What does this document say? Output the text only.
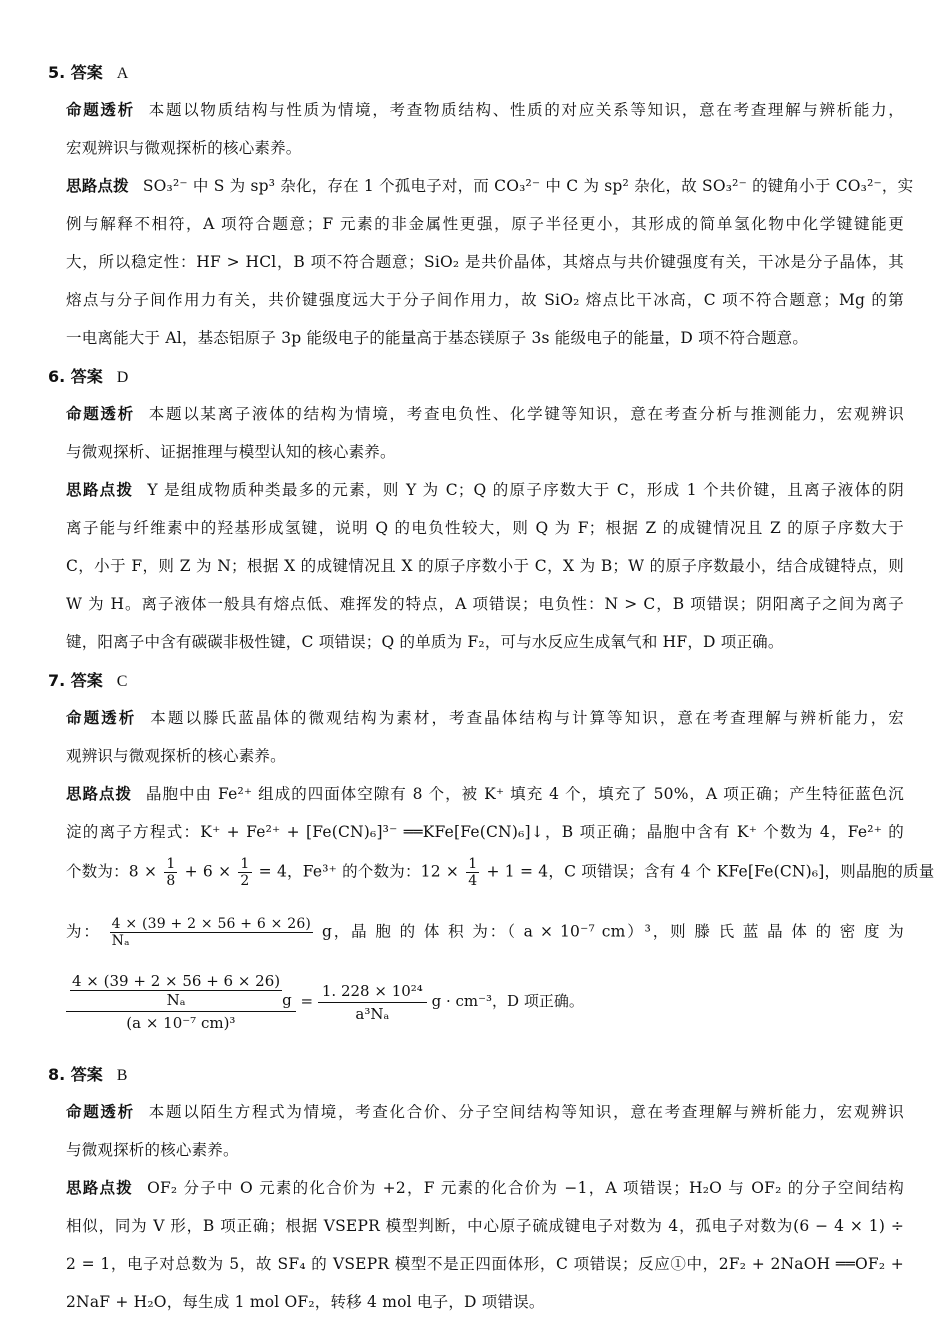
5. 答案 A
命题透析 本题以物质结构与性质为情境，考查物质结构、性质的对应关系等知识，意在考查理解与辨析能力，
宏观辨识与微观探析的核心素养。
思路点拨 SO₃²⁻ 中 S 为 sp³ 杂化，存在 1 个孤电子对，而 CO₃²⁻ 中 C 为 sp² 杂化，故 SO₃²⁻ 的键角小于 CO₃²⁻，实
例与解释不相符，A 项符合题意；F 元素的非金属性更强，原子半径更小，其形成的简单氢化物中化学键键能更
大，所以稳定性：HF > HCl，B 项不符合题意；SiO₂ 是共价晶体，其熔点与共价键强度有关，干冰是分子晶体，其
熔点与分子间作用力有关，共价键强度远大于分子间作用力，故 SiO₂ 熔点比干冰高，C 项不符合题意；Mg 的第
一电离能大于 Al，基态铝原子 3p 能级电子的能量高于基态镁原子 3s 能级电子的能量，D 项不符合题意。
6. 答案 D
命题透析 本题以某离子液体的结构为情境，考查电负性、化学键等知识，意在考查分析与推测能力，宏观辨识
与微观探析、证据推理与模型认知的核心素养。
思路点拨 Y 是组成物质种类最多的元素，则 Y 为 C；Q 的原子序数大于 C，形成 1 个共价键，且离子液体的阴
离子能与纤维素中的羟基形成氢键，说明 Q 的电负性较大，则 Q 为 F；根据 Z 的成键情况且 Z 的原子序数大于
C，小于 F，则 Z 为 N；根据 X 的成键情况且 X 的原子序数小于 C，X 为 B；W 的原子序数最小，结合成键特点，则
W 为 H。离子液体一般具有熔点低、难挥发的特点，A 项错误；电负性：N > C，B 项错误；阴阳离子之间为离子
键，阳离子中含有碳碳非极性键，C 项错误；Q 的单质为 F₂，可与水反应生成氧气和 HF，D 项正确。
7. 答案 C
命题透析 本题以滕氏蓝晶体的微观结构为素材，考查晶体结构与计算等知识，意在考查理解与辨析能力，宏
观辨识与微观探析的核心素养。
思路点拨 晶胞中由 Fe²⁺ 组成的四面体空隙有 8 个，被 K⁺ 填充 4 个，填充了 50%，A 项正确；产生特征蓝色沉
淀的离子方程式：K⁺ + Fe²⁺ + [Fe(CN)₆]³⁻ ══KFe[Fe(CN)₆]↓，B 项正确；晶胞中含有 K⁺ 个数为 4，Fe²⁺ 的
个数为：$8 \times \frac{1}{8} + 6 \times \frac{1}{2} = 4$，Fe³⁺ 的个数为：$12 \times \frac{1}{4} + 1 = 4$，C 项错误；含有 4 个 KFe[Fe(CN)₆]，则晶胞的质量
为： $\frac{4 \times (39 + 2 \times 56 + 6 \times 26)}{\text{Nₐ}}$ g，晶 胞 的 体 积 为：（ a × 10⁻⁷ cm）³，则 滕 氏 蓝 晶 体 的 密 度 为
$\frac{4 \times (39 + 2 \times 56 + 6 \times 26)}{\text{Nₐ}}$ g
(a × 10⁻⁷ cm)³
= $\frac{\text{1. 228 × 10²⁴}}{\text{a³Nₐ}}$ g · cm⁻³，D 项正确。
8. 答案 B
命题透析 本题以陌生方程式为情境，考查化合价、分子空间结构等知识，意在考查理解与辨析能力，宏观辨识
与微观探析的核心素养。
思路点拨 OF₂ 分子中 O 元素的化合价为 +2，F 元素的化合价为 −1，A 项错误；H₂O 与 OF₂ 的分子空间结构
相似，同为 V 形，B 项正确；根据 VSEPR 模型判断，中心原子硫成键电子对数为 4，孤电子对数为(6 − 4 × 1) ÷
2 = 1，电子对总数为 5，故 SF₄ 的 VSEPR 模型不是正四面体形，C 项错误；反应①中，2F₂ + 2NaOH ══OF₂ +
2NaF + H₂O，每生成 1 mol OF₂，转移 4 mol 电子，D 项错误。
